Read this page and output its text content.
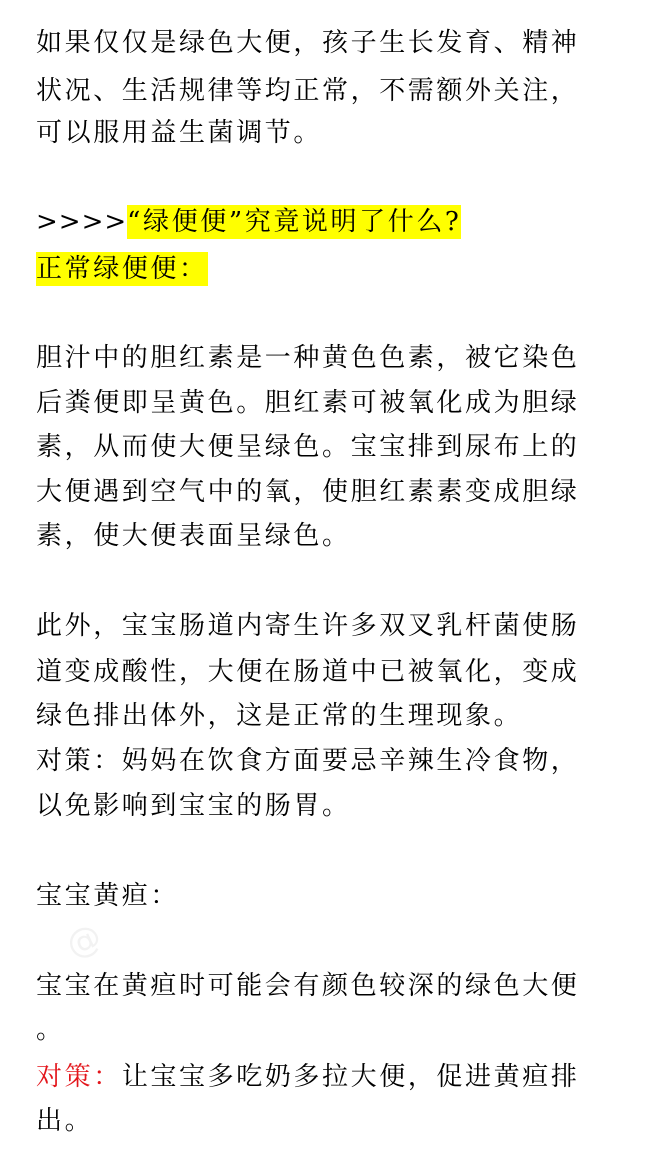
@
如果仅仅是绿色大便，孩子生长发育、精神
状况、生活规律等均正常，不需额外关注，
可以服用益生菌调节。
>>>>“绿便便”究竟说明了什么?
正常绿便便：
胆汁中的胆红素是一种黄色色素，被它染色
后粪便即呈黄色。胆红素可被氧化成为胆绿
素，从而使大便呈绿色。宝宝排到尿布上的
大便遇到空气中的氧，使胆红素素变成胆绿
素，使大便表面呈绿色。
此外，宝宝肠道内寄生许多双叉乳杆菌使肠
道变成酸性，大便在肠道中已被氧化，变成
绿色排出体外，这是正常的生理现象。
对策：妈妈在饮食方面要忌辛辣生冷食物，
以免影响到宝宝的肠胃。
宝宝黄疸：
宝宝在黄疸时可能会有颜色较深的绿色大便
。
对策：让宝宝多吃奶多拉大便，促进黄疸排
出。
